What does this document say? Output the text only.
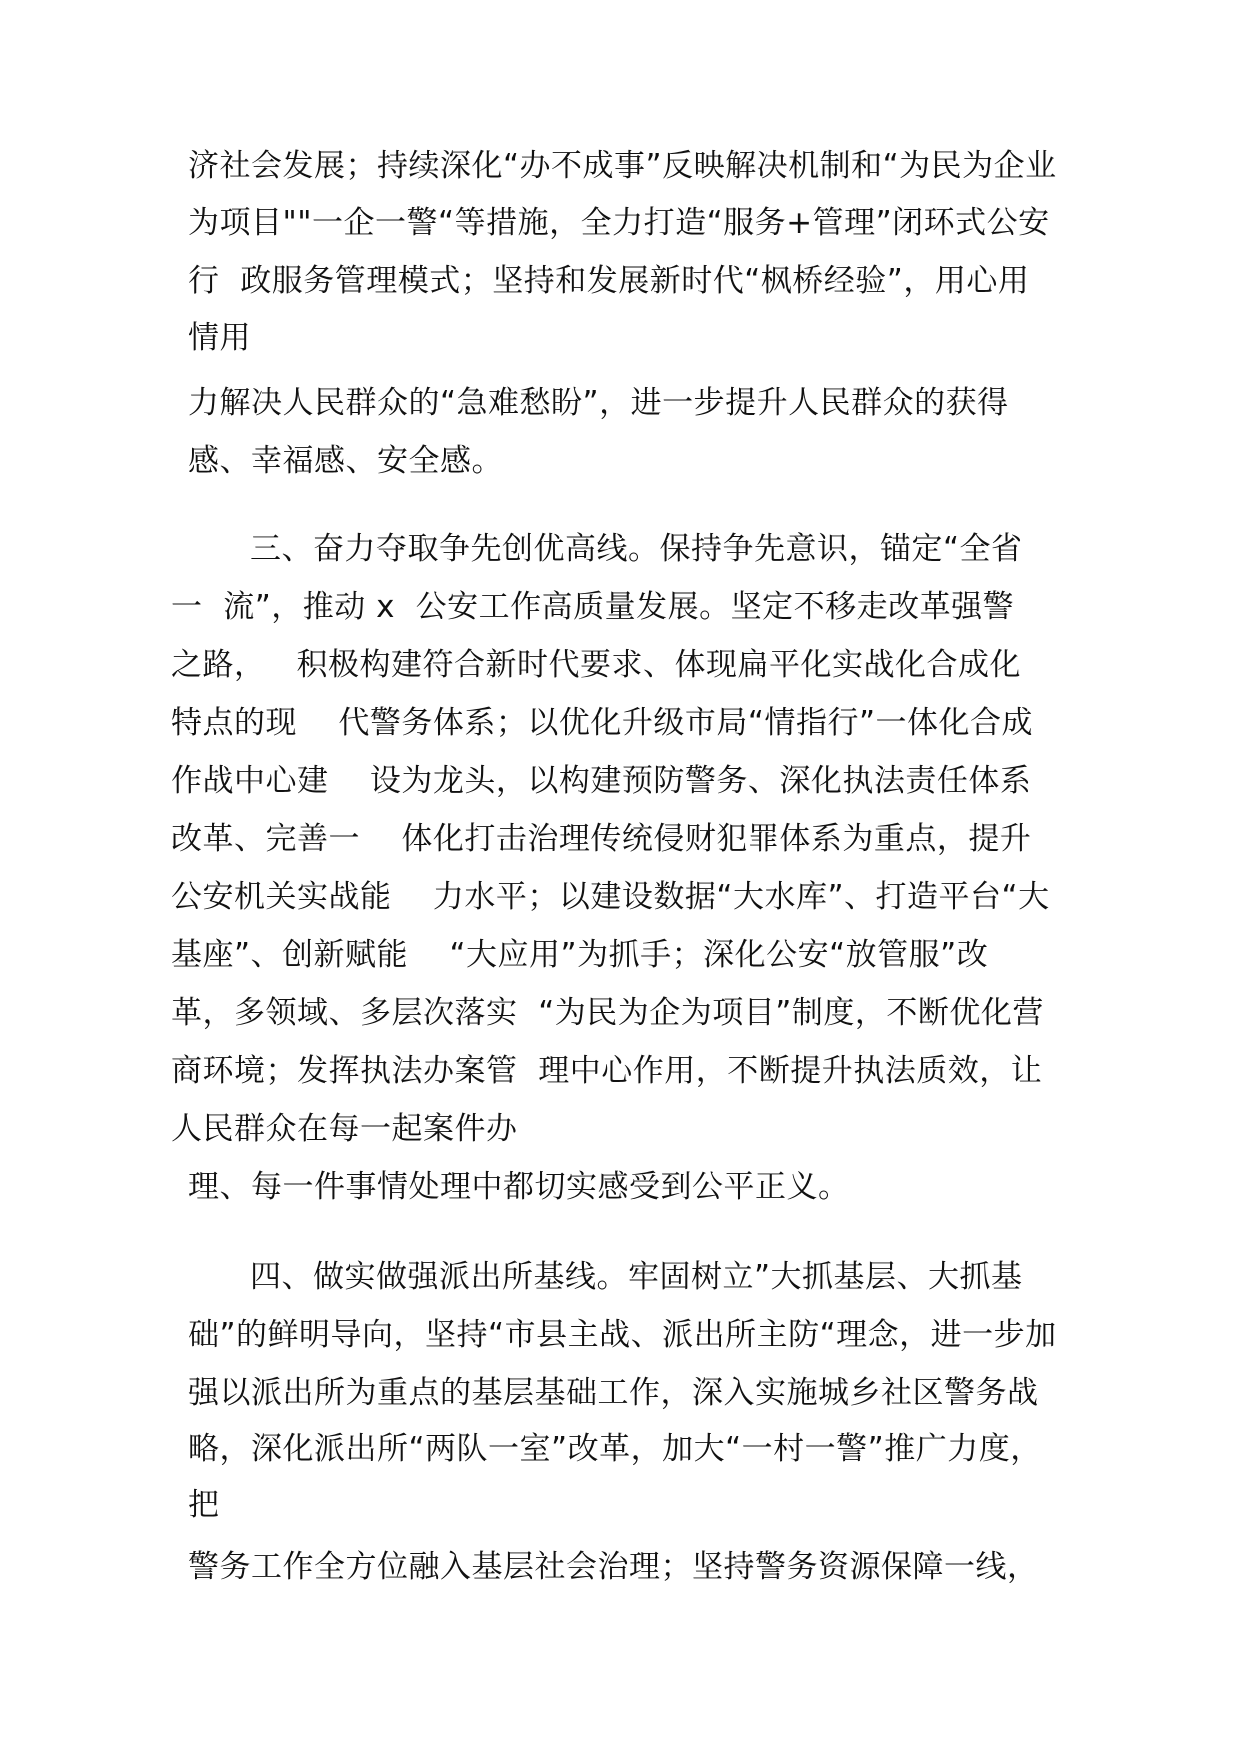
济社会发展；持续深化“办不成事”反映解决机制和“为民为企业
为项目""一企一警“等措施，全力打造“服务+管理”闭环式公安
行  政服务管理模式；坚持和发展新时代“枫桥经验”，用心用
情用
力解决人民群众的“急难愁盼”，进一步提升人民群众的获得
感、幸福感、安全感。
三、奋力夺取争先创优高线。保持争先意识，锚定“全省
一  流”，推动 x  公安工作高质量发展。坚定不移走改革强警
之路，   积极构建符合新时代要求、体现扁平化实战化合成化
特点的现    代警务体系；以优化升级市局“情指行”一体化合成
作战中心建    设为龙头，以构建预防警务、深化执法责任体系
改革、完善一    体化打击治理传统侵财犯罪体系为重点，提升
公安机关实战能    力水平；以建设数据“大水库”、打造平台“大
基座”、创新赋能    “大应用”为抓手；深化公安“放管服”改
革，多领域、多层次落实  “为民为企为项目”制度，不断优化营
商环境；发挥执法办案管  理中心作用，不断提升执法质效，让
人民群众在每一起案件办
理、每一件事情处理中都切实感受到公平正义。
四、做实做强派出所基线。牢固树立”大抓基层、大抓基
础”的鲜明导向，坚持“市县主战、派出所主防“理念，进一步加
强以派出所为重点的基层基础工作，深入实施城乡社区警务战
略，深化派出所“两队一室”改革，加大“一村一警”推广力度，
把
警务工作全方位融入基层社会治理；坚持警务资源保障一线，
